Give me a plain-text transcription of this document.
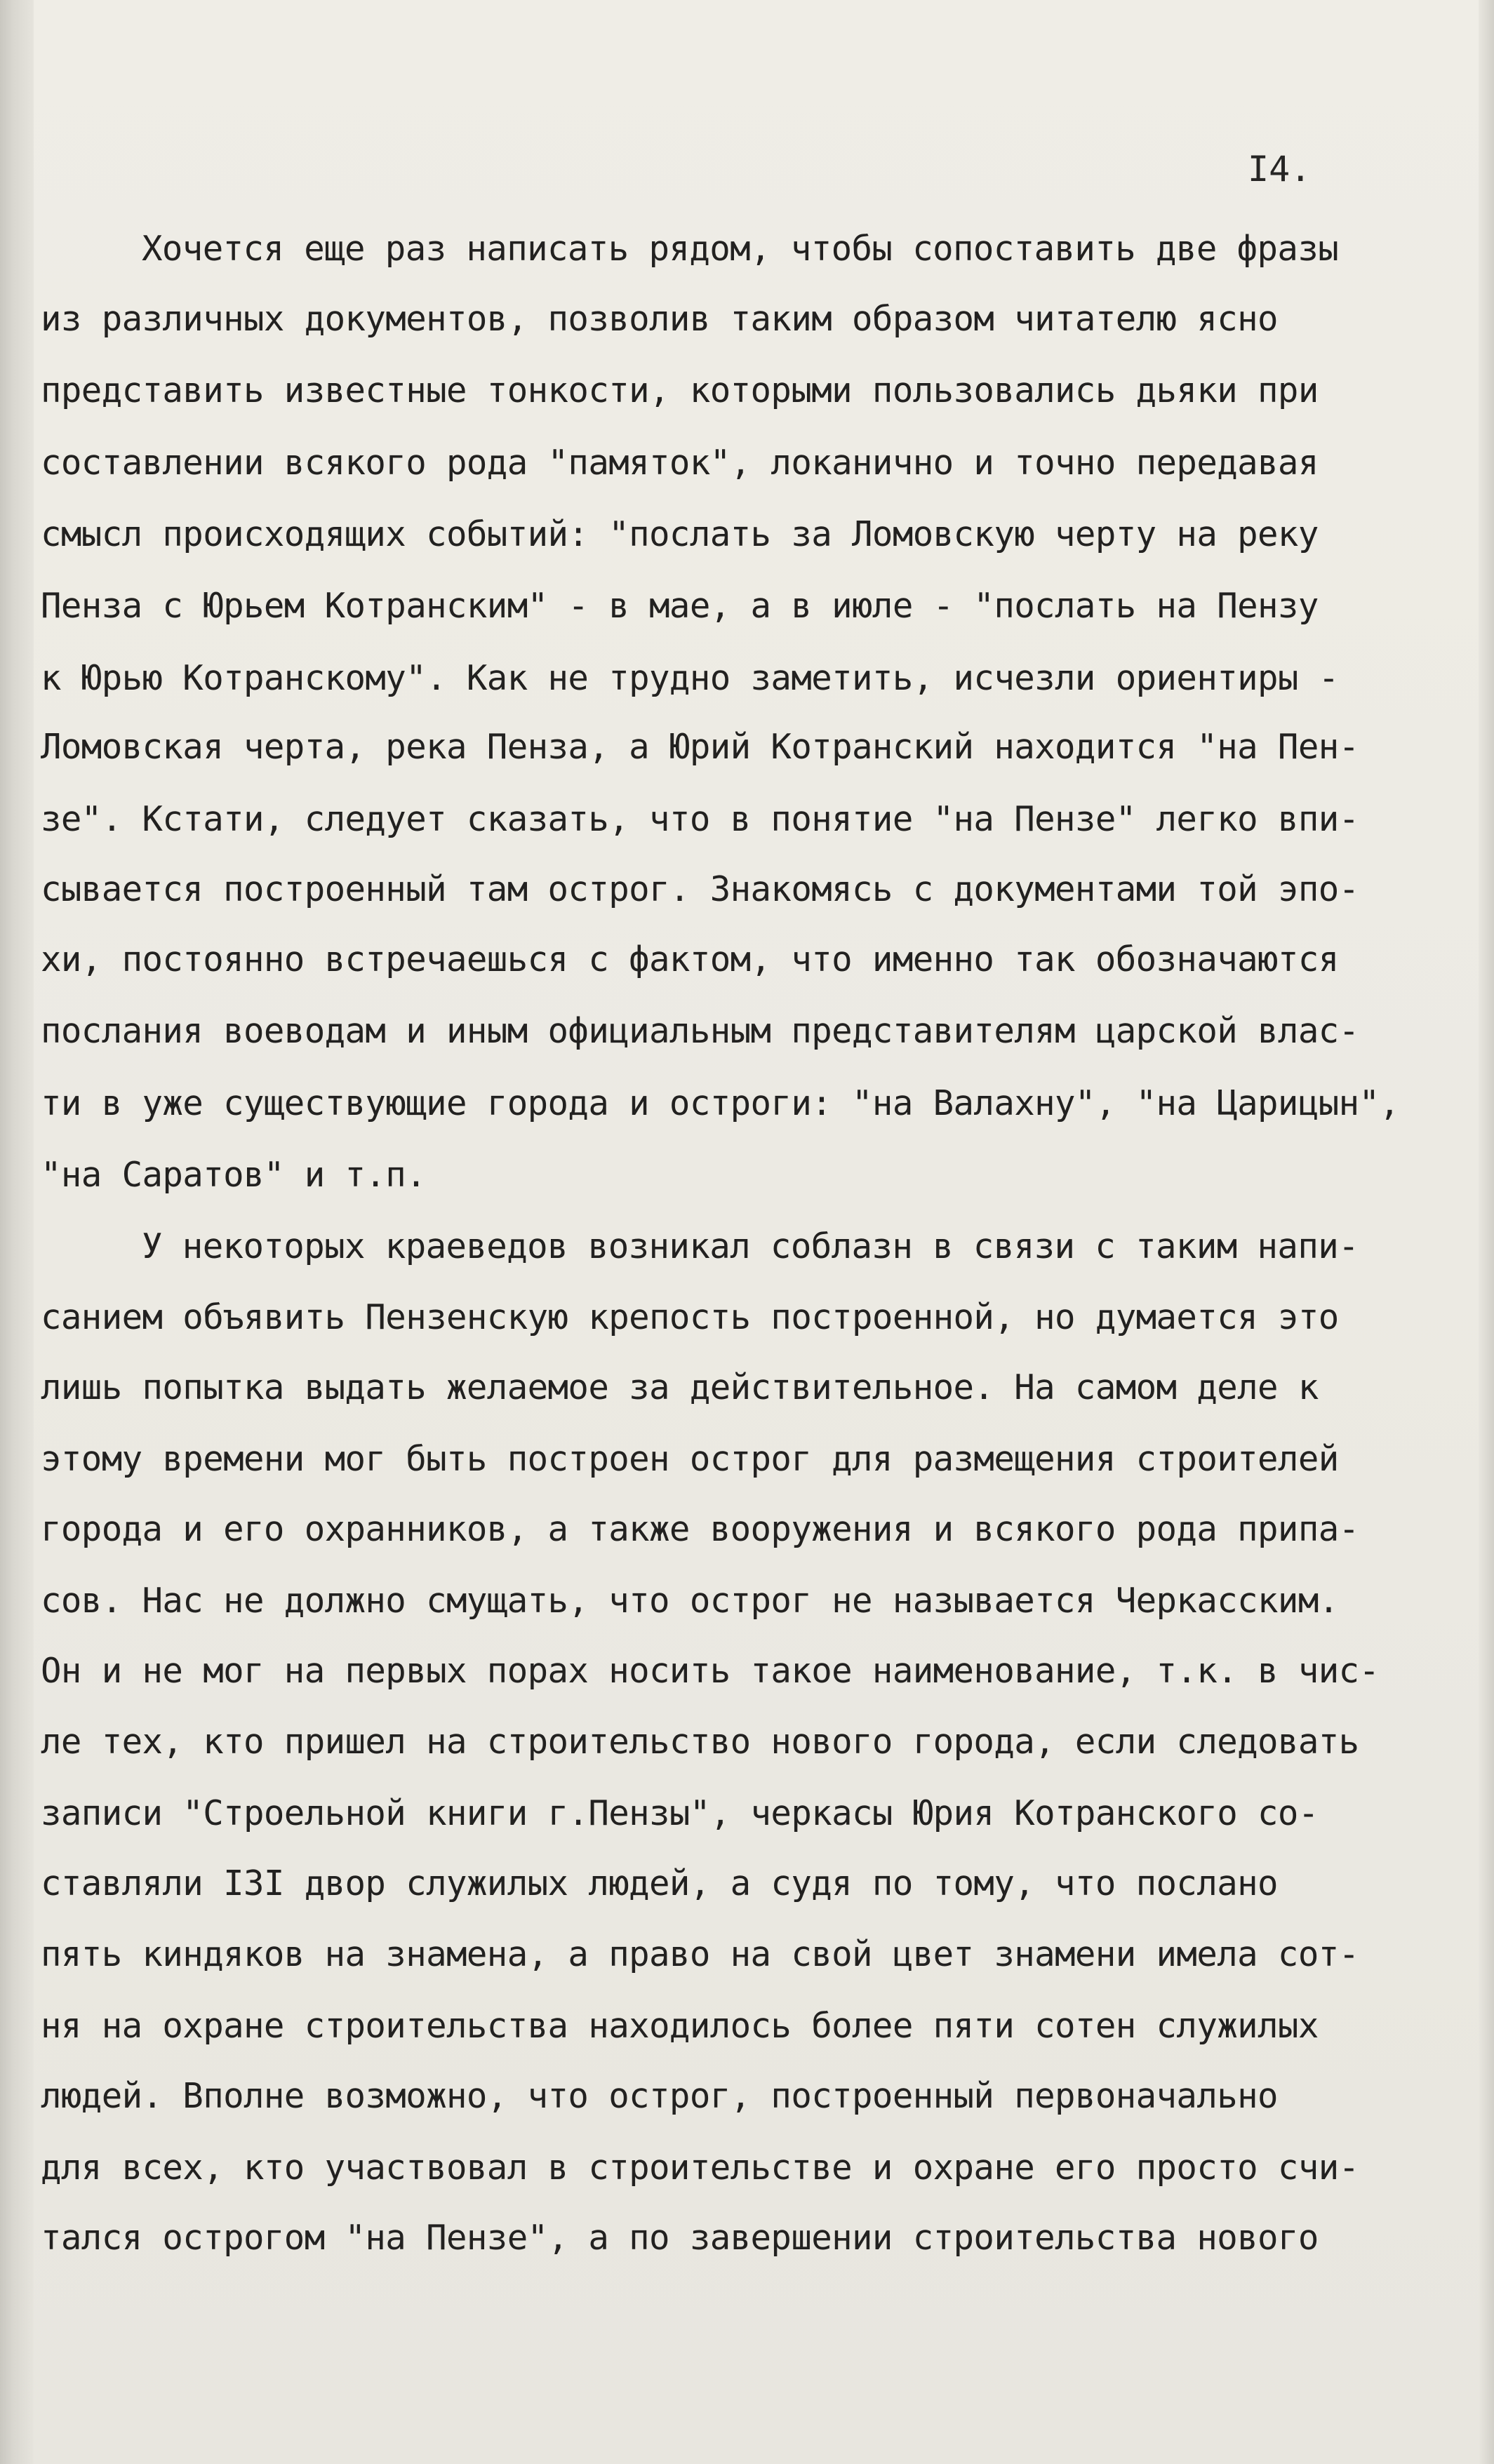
I4.
Хочется еще раз написать рядом, чтобы сопоставить две фразы
из различных документов, позволив таким образом читателю ясно
представить известные тонкости, которыми пользовались дьяки при
составлении всякого рода "памяток", локанично и точно передавая
смысл происходящих событий: "послать за Ломовскую черту на реку
Пенза с Юрьем Котранским" - в мае, а в июле - "послать на Пензу
к Юрью Котранскому". Как не трудно заметить, исчезли ориентиры -
Ломовская черта, река Пенза, а Юрий Котранский находится "на Пен-
зе". Кстати, следует сказать, что в понятие "на Пензе" легко впи-
сывается построенный там острог. Знакомясь с документами той эпо-
хи, постоянно встречаешься с фактом, что именно так обозначаются
послания воеводам и иным официальным представителям царской влас-
ти в уже существующие города и остроги: "на Валахну", "на Царицын",
"на Саратов" и т.п.
У некоторых краеведов возникал соблазн в связи с таким напи-
санием объявить Пензенскую крепость построенной, но думается это
лишь попытка выдать желаемое за действительное. На самом деле к
этому времени мог быть построен острог для размещения строителей
города и его охранников, а также вооружения и всякого рода припа-
сов. Нас не должно смущать, что острог не называется Черкасским.
Он и не мог на первых порах носить такое наименование, т.к. в чис-
ле тех, кто пришел на строительство нового города, если следовать
записи "Строельной книги г.Пензы", черкасы Юрия Котранского со-
ставляли I3I двор служилых людей, а судя по тому, что послано
пять киндяков на знамена, а право на свой цвет знамени имела сот-
ня на охране строительства находилось более пяти сотен служилых
людей. Вполне возможно, что острог, построенный первоначально
для всех, кто участвовал в строительстве и охране его просто счи-
тался острогом "на Пензе", а по завершении строительства нового
